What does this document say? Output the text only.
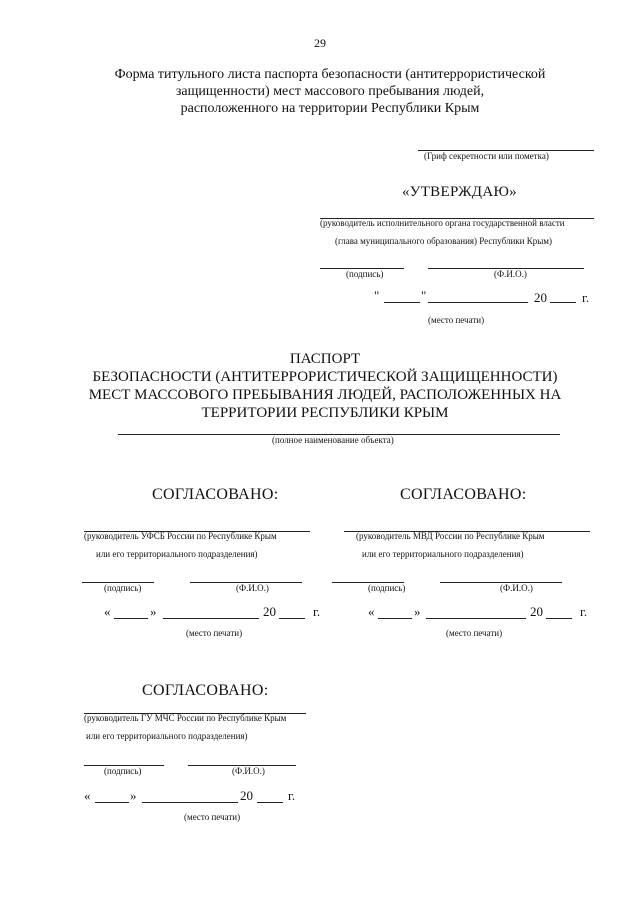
29
Форма титульного листа паспорта безопасности (антитеррористической
защищенности) мест массового пребывания людей,
расположенного на территории Республики Крым
(Гриф секретности или пометка)
«УТВЕРЖДАЮ»
(руководитель исполнительного органа государственной власти
(глава муниципального образования) Республики Крым)
(подпись)	(Ф.И.О.)
"	"	20	г.
(место печати)
ПАСПОРТ
БЕЗОПАСНОСТИ (АНТИТЕРРОРИСТИЧЕСКОЙ ЗАЩИЩЕННОСТИ)
МЕСТ МАССОВОГО ПРЕБЫВАНИЯ ЛЮДЕЙ, РАСПОЛОЖЕННЫХ НА
ТЕРРИТОРИИ РЕСПУБЛИКИ КРЫМ
(полное наименование объекта)
СОГЛАСОВАНО:
(руководитель УФСБ России по Республике Крым
или его территориального подразделения)
(подпись)	(Ф.И.О.)
«	»	20	г.
(место печати)
СОГЛАСОВАНО:
(руководитель МВД России по Республике Крым
или его территориального подразделения)
(подпись)	(Ф.И.О.)
«	»	20	г.
(место печати)
СОГЛАСОВАНО:
(руководитель ГУ МЧС России по Республике Крым
или его территориального подразделения)
(подпись)	(Ф.И.О.)
«	»	20	г.
(место печати)
